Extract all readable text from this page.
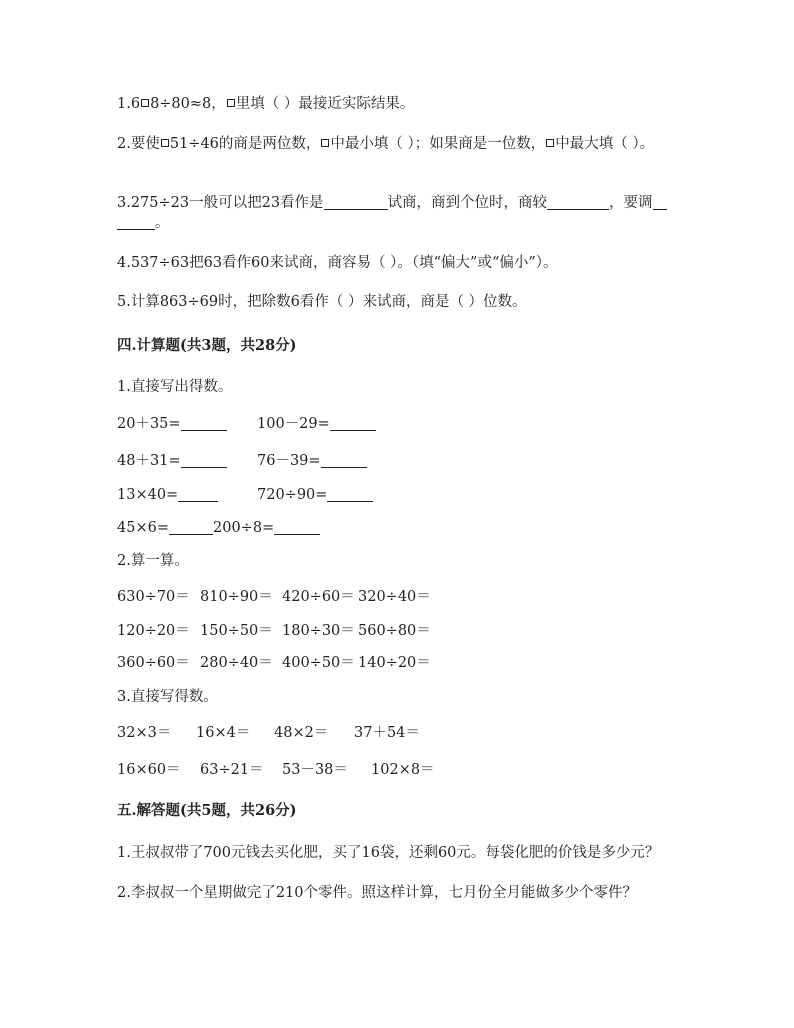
1.6 8÷80≈8， 里填（ ）最接近实际结果。
2.要使 51÷46的商是两位数， 中最小填（ ）；如果商是一位数， 中最大填（ ）。
3.275÷23一般可以把23看作是	试商，商到个位时，商较	，要调
。
4.537÷63把63看作60来试商，商容易（ ）。（填“偏大”或“偏小”）。
5.计算863÷69时，把除数6看作（ ）来试商，商是（ ）位数。
四.计算题(共3题，共28分)
1.直接写出得数。
20＋35=	100－29=
48＋31=	76－39=
13×40=	720÷90=
45×6=	200÷8=
2.算一算。
630÷70＝ 810÷90＝ 420÷60＝ 320÷40＝
120÷20＝ 150÷50＝ 180÷30＝ 560÷80＝
360÷60＝ 280÷40＝ 400÷50＝ 140÷20＝
3.直接写得数。
32×3＝ 16×4＝ 48×2＝ 37＋54＝
16×60＝ 63÷21＝ 53－38＝ 102×8＝
五.解答题(共5题，共26分)
1.王叔叔带了700元钱去买化肥，买了16袋，还剩60元。每袋化肥的价钱是多少元？
2.李叔叔一个星期做完了210个零件。照这样计算，七月份全月能做多少个零件？
